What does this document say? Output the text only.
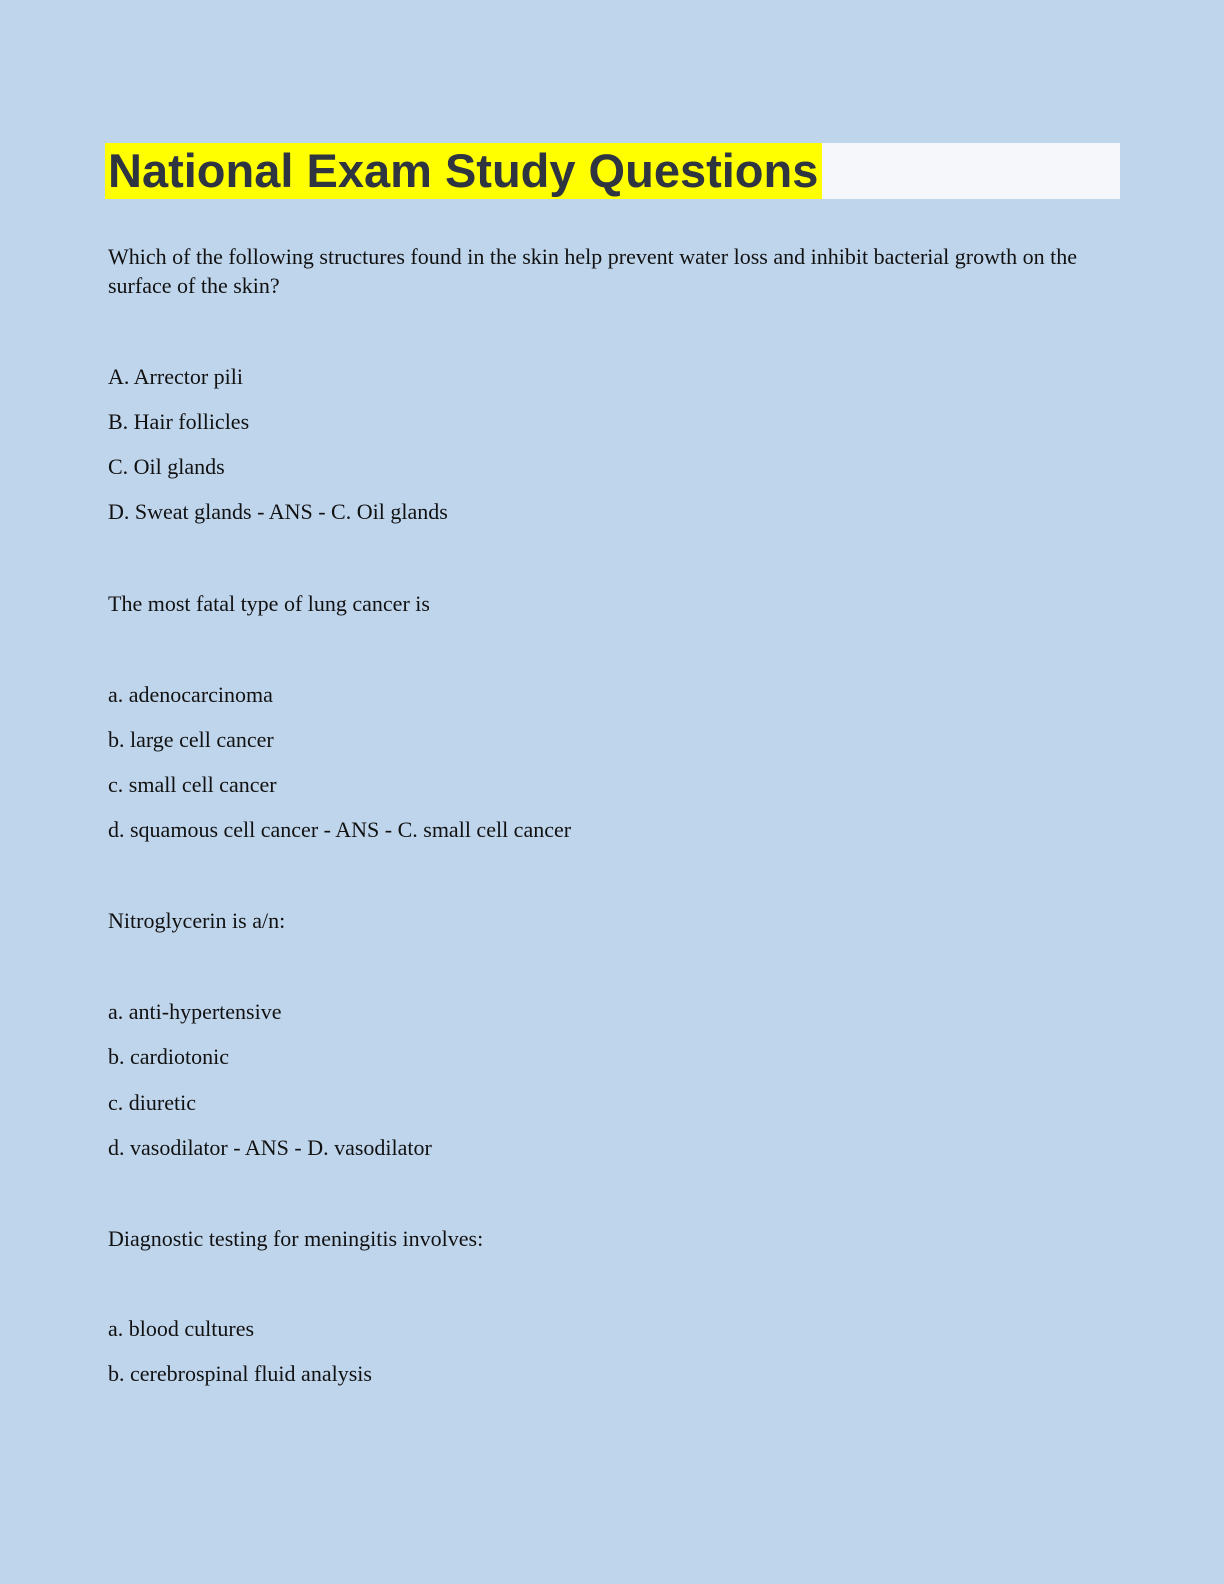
National Exam Study Questions

Which of the following structures found in the skin help prevent water loss and inhibit bacterial growth on the surface of the skin?

A. Arrector pili
B. Hair follicles
C. Oil glands
D. Sweat glands - ANS - C. Oil glands

The most fatal type of lung cancer is

a. adenocarcinoma
b. large cell cancer
c. small cell cancer
d. squamous cell cancer - ANS - C. small cell cancer

Nitroglycerin is a/n:

a. anti-hypertensive
b. cardiotonic
c. diuretic
d. vasodilator - ANS - D. vasodilator

Diagnostic testing for meningitis involves:

a. blood cultures
b. cerebrospinal fluid analysis
